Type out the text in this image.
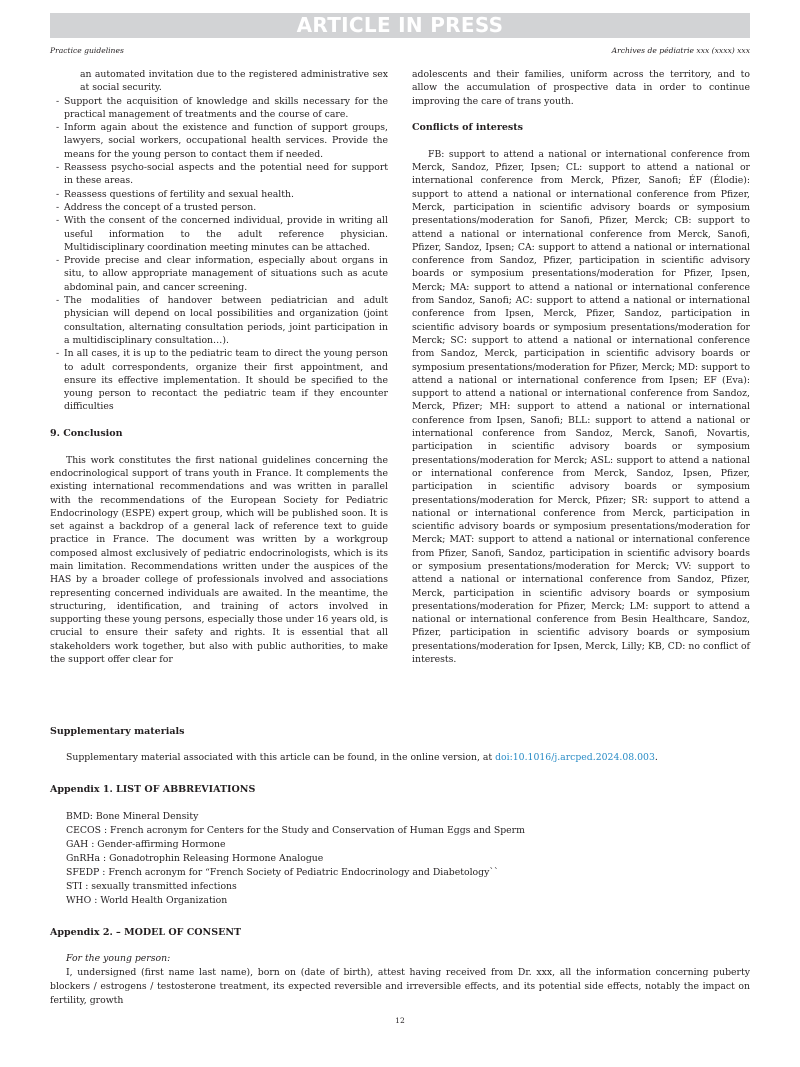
ARTICLE IN PRESS
Practice guidelines	Archives de pédiatrie xxx (xxxx) xxx

an automated invitation due to the registered administrative sex at social security.

- Support the acquisition of knowledge and skills necessary for the practical management of treatments and the course of care.
- Inform again about the existence and function of support groups, lawyers, social workers, occupational health services. Provide the means for the young person to contact them if needed.
- Reassess psycho-social aspects and the potential need for support in these areas.
- Reassess questions of fertility and sexual health.
- Address the concept of a trusted person.
- With the consent of the concerned individual, provide in writing all useful information to the adult reference physician. Multidisciplinary coordination meeting minutes can be attached.
- Provide precise and clear information, especially about organs in situ, to allow appropriate management of situations such as acute abdominal pain, and cancer screening.
- The modalities of handover between pediatrician and adult physician will depend on local possibilities and organization (joint consultation, alternating consultation periods, joint participation in a multidisciplinary consultation…).
- In all cases, it is up to the pediatric team to direct the young person to adult correspondents, organize their first appointment, and ensure its effective implementation. It should be specified to the young person to recontact the pediatric team if they encounter difficulties
9. Conclusion

This work constitutes the first national guidelines concerning the endocrinological support of trans youth in France. It complements the existing international recommendations and was written in parallel with the recommendations of the European Society for Pediatric Endocrinology (ESPE) expert group, which will be published soon. It is set against a backdrop of a general lack of reference text to guide practice in France. The document was written by a workgroup composed almost exclusively of pediatric endocrinologists, which is its main limitation. Recommendations written under the auspices of the HAS by a broader college of professionals involved and associations representing concerned individuals are awaited. In the meantime, the structuring, identification, and training of actors involved in supporting these young persons, especially those under 16 years old, is crucial to ensure their safety and rights. It is essential that all stakeholders work together, but also with public authorities, to make the support offer clear for

adolescents and their families, uniform across the territory, and to allow the accumulation of prospective data in order to continue improving the care of trans youth.

Conflicts of interests

FB: support to attend a national or international conference from Merck, Sandoz, Pfizer, Ipsen; CL: support to attend a national or international conference from Merck, Pfizer, Sanofi; ÉF (Élodie): support to attend a national or international conference from Pfizer, Merck, participation in scientific advisory boards or symposium presentations/moderation for Sanofi, Pfizer, Merck; CB: support to attend a national or international conference from Merck, Sanofi, Pfizer, Sandoz, Ipsen; CA: support to attend a national or international conference from Sandoz, Pfizer, participation in scientific advisory boards or symposium presentations/moderation for Pfizer, Ipsen, Merck; MA: support to attend a national or international conference from Sandoz, Sanofi; AC: support to attend a national or international conference from Ipsen, Merck, Pfizer, Sandoz, participation in scientific advisory boards or symposium presentations/moderation for Merck; SC: support to attend a national or international conference from Sandoz, Merck, participation in scientific advisory boards or symposium presentations/moderation for Pfizer, Merck; MD: support to attend a national or international conference from Ipsen; EF (Eva): support to attend a national or international conference from Sandoz, Merck, Pfizer; MH: support to attend a national or international conference from Ipsen, Sanofi; BLL: support to attend a national or international conference from Sandoz, Merck, Sanofi, Novartis, participation in scientific advisory boards or symposium presentations/moderation for Merck; ASL: support to attend a national or international conference from Merck, Sandoz, Ipsen, Pfizer, participation in scientific advisory boards or symposium presentations/moderation for Merck, Pfizer; SR: support to attend a national or international conference from Merck, participation in scientific advisory boards or symposium presentations/moderation for Merck; MAT: support to attend a national or international conference from Pfizer, Sanofi, Sandoz, participation in scientific advisory boards or symposium presentations/moderation for Merck; VV: support to attend a national or international conference from Sandoz, Pfizer, Merck, participation in scientific advisory boards or symposium presentations/moderation for Pfizer, Merck; LM: support to attend a national or international conference from Besin Healthcare, Sandoz, Pfizer, participation in scientific advisory boards or symposium presentations/moderation for Ipsen, Merck, Lilly; KB, CD: no conflict of interests.

Supplementary materials

Supplementary material associated with this article can be found, in the online version, at doi:10.1016/j.arcped.2024.08.003.

Appendix 1. LIST OF ABBREVIATIONS

BMD: Bone Mineral Density

CECOS : French acronym for Centers for the Study and Conservation of Human Eggs and Sperm

GAH : Gender-affirming Hormone

GnRHa : Gonadotrophin Releasing Hormone Analogue

SFEDP : French acronym for “French Society of Pediatric Endocrinology and Diabetology``

STI : sexually transmitted infections

WHO : World Health Organization

Appendix 2. – MODEL OF CONSENT

For the young person:

I, undersigned (first name last name), born on (date of birth), attest having received from Dr. xxx, all the information concerning puberty blockers / estrogens / testosterone treatment, its expected reversible and irreversible effects, and its potential side effects, notably the impact on fertility, growth

12
